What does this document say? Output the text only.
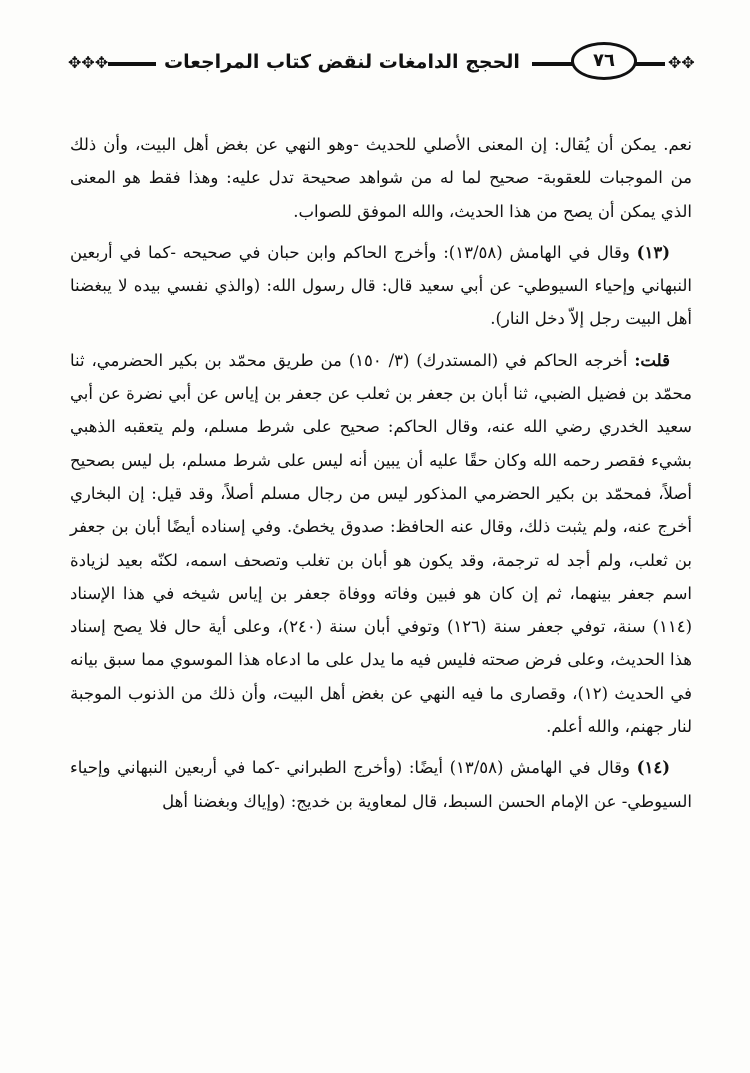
✥✥✥	الحجج الدامغات لنقض كتاب المراجعات	٧٦	✥✥

نعم. يمكن أن يُقال: إن المعنى الأصلي للحديث -وهو النهي عن بغض أهل البيت، وأن ذلك من الموجبات للعقوبة- صحيح لما له من شواهد صحيحة تدل عليه: وهذا فقط هو المعنى الذي يمكن أن يصح من هذا الحديث، والله الموفق للصواب.

(١٣) وقال في الهامش (١٣/٥٨): وأخرج الحاكم وابن حبان في صحيحه -كما في أربعين النبهاني وإحياء السيوطي- عن أبي سعيد قال: قال رسول الله: (والذي نفسي بيده لا يبغضنا أهل البيت رجل إلاّ دخل النار).

قلت: أخرجه الحاكم في (المستدرك) (٣/ ١٥٠) من طريق محمّد بن بكير الحضرمي، ثنا محمّد بن فضيل الضبي، ثنا أبان بن جعفر بن ثعلب عن جعفر بن إياس عن أبي نضرة عن أبي سعيد الخدري رضي الله عنه، وقال الحاكم: صحيح على شرط مسلم، ولم يتعقبه الذهبي بشيء فقصر رحمه الله وكان حقًا عليه أن يبين أنه ليس على شرط مسلم، بل ليس بصحيح أصلاً، فمحمّد بن بكير الحضرمي المذكور ليس من رجال مسلم أصلاً، وقد قيل: إن البخاري أخرج عنه، ولم يثبت ذلك، وقال عنه الحافظ: صدوق يخطئ. وفي إسناده أيضًا أبان بن جعفر بن ثعلب، ولم أجد له ترجمة، وقد يكون هو أبان بن تغلب وتصحف اسمه، لكنّه بعيد لزيادة اسم جعفر بينهما، ثم إن كان هو فبين وفاته ووفاة جعفر بن إياس شيخه في هذا الإسناد (١١٤) سنة، توفي جعفر سنة (١٢٦) وتوفي أبان سنة (٢٤٠)، وعلى أية حال فلا يصح إسناد هذا الحديث، وعلى فرض صحته فليس فيه ما يدل على ما ادعاه هذا الموسوي مما سبق بيانه في الحديث (١٢)، وقصارى ما فيه النهي عن بغض أهل البيت، وأن ذلك من الذنوب الموجبة لنار جهنم، والله أعلم.

(١٤) وقال في الهامش (١٣/٥٨) أيضًا: (وأخرج الطبراني -كما في أربعين النبهاني وإحياء السيوطي- عن الإمام الحسن السبط، قال لمعاوية بن خديج: (وإياك وبغضنا أهل
